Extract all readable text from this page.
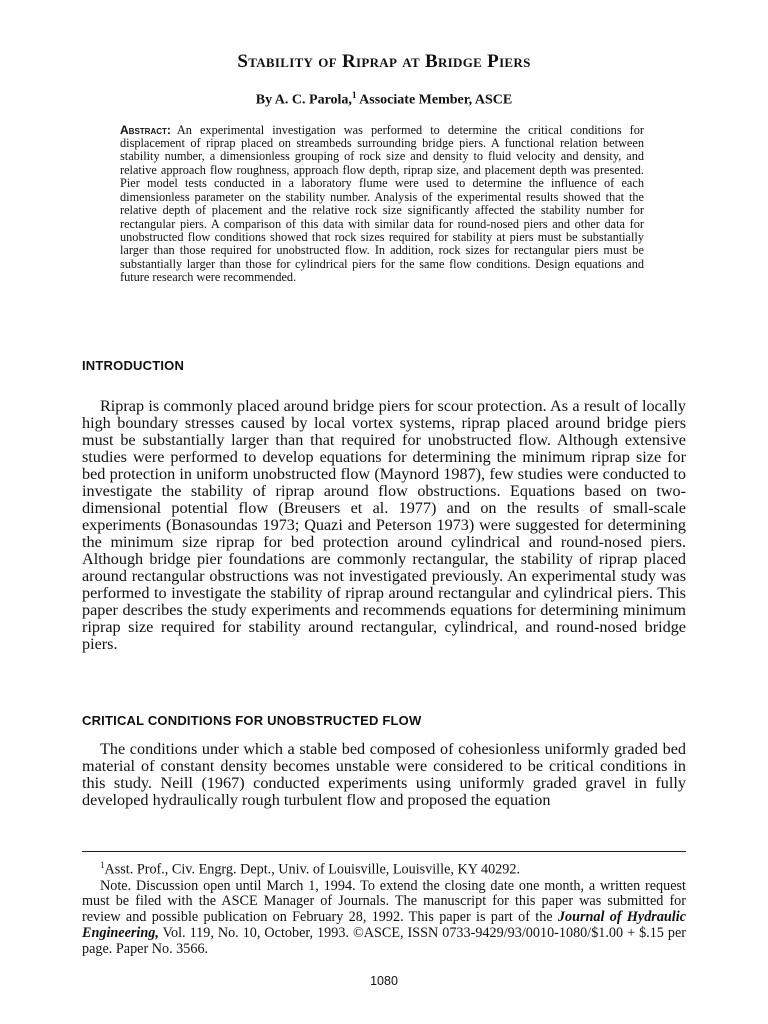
Stability of Riprap at Bridge Piers
By A. C. Parola,$^1$ Associate Member, ASCE
Abstract: An experimental investigation was performed to determine the critical conditions for displacement of riprap placed on streambeds surrounding bridge piers. A functional relation between stability number, a dimensionless grouping of rock size and density to fluid velocity and density, and relative approach flow roughness, approach flow depth, riprap size, and placement depth was presented. Pier model tests conducted in a laboratory flume were used to determine the influence of each dimensionless parameter on the stability number. Analysis of the experimental results showed that the relative depth of placement and the relative rock size significantly affected the stability number for rectangular piers. A comparison of this data with similar data for round-nosed piers and other data for unobstructed flow conditions showed that rock sizes required for stability at piers must be substantially larger than those required for unobstructed flow. In addition, rock sizes for rectangular piers must be substantially larger than those for cylindrical piers for the same flow conditions. Design equations and future research were recommended.
INTRODUCTION

Riprap is commonly placed around bridge piers for scour protection. As a result of locally high boundary stresses caused by local vortex systems, riprap placed around bridge piers must be substantially larger than that required for unobstructed flow. Although extensive studies were performed to develop equations for determining the minimum riprap size for bed protection in uniform unobstructed flow (Maynord 1987), few studies were conducted to investigate the stability of riprap around flow obstructions. Equations based on two-dimensional potential flow (Breusers et al. 1977) and on the results of small-scale experiments (Bonasoundas 1973; Quazi and Peterson 1973) were suggested for determining the minimum size riprap for bed protection around cylindrical and round-nosed piers. Although bridge pier foundations are commonly rectangular, the stability of riprap placed around rectangular obstructions was not investigated previously. An experimental study was performed to investigate the stability of riprap around rectangular and cylindrical piers. This paper describes the study experiments and recommends equations for determining minimum riprap size required for stability around rectangular, cylindrical, and round-nosed bridge piers.

CRITICAL CONDITIONS FOR UNOBSTRUCTED FLOW

The conditions under which a stable bed composed of cohesionless uniformly graded bed material of constant density becomes unstable were considered to be critical conditions in this study. Neill (1967) conducted experiments using uniformly graded gravel in fully developed hydraulically rough turbulent flow and proposed the equation

$^1$Asst. Prof., Civ. Engrg. Dept., Univ. of Louisville, Louisville, KY 40292.

Note. Discussion open until March 1, 1994. To extend the closing date one month, a written request must be filed with the ASCE Manager of Journals. The manuscript for this paper was submitted for review and possible publication on February 28, 1992. This paper is part of the Journal of Hydraulic Engineering, Vol. 119, No. 10, October, 1993. ©ASCE, ISSN 0733-9429/93/0010-1080/$1.00 + $.15 per page. Paper No. 3566.

1080
